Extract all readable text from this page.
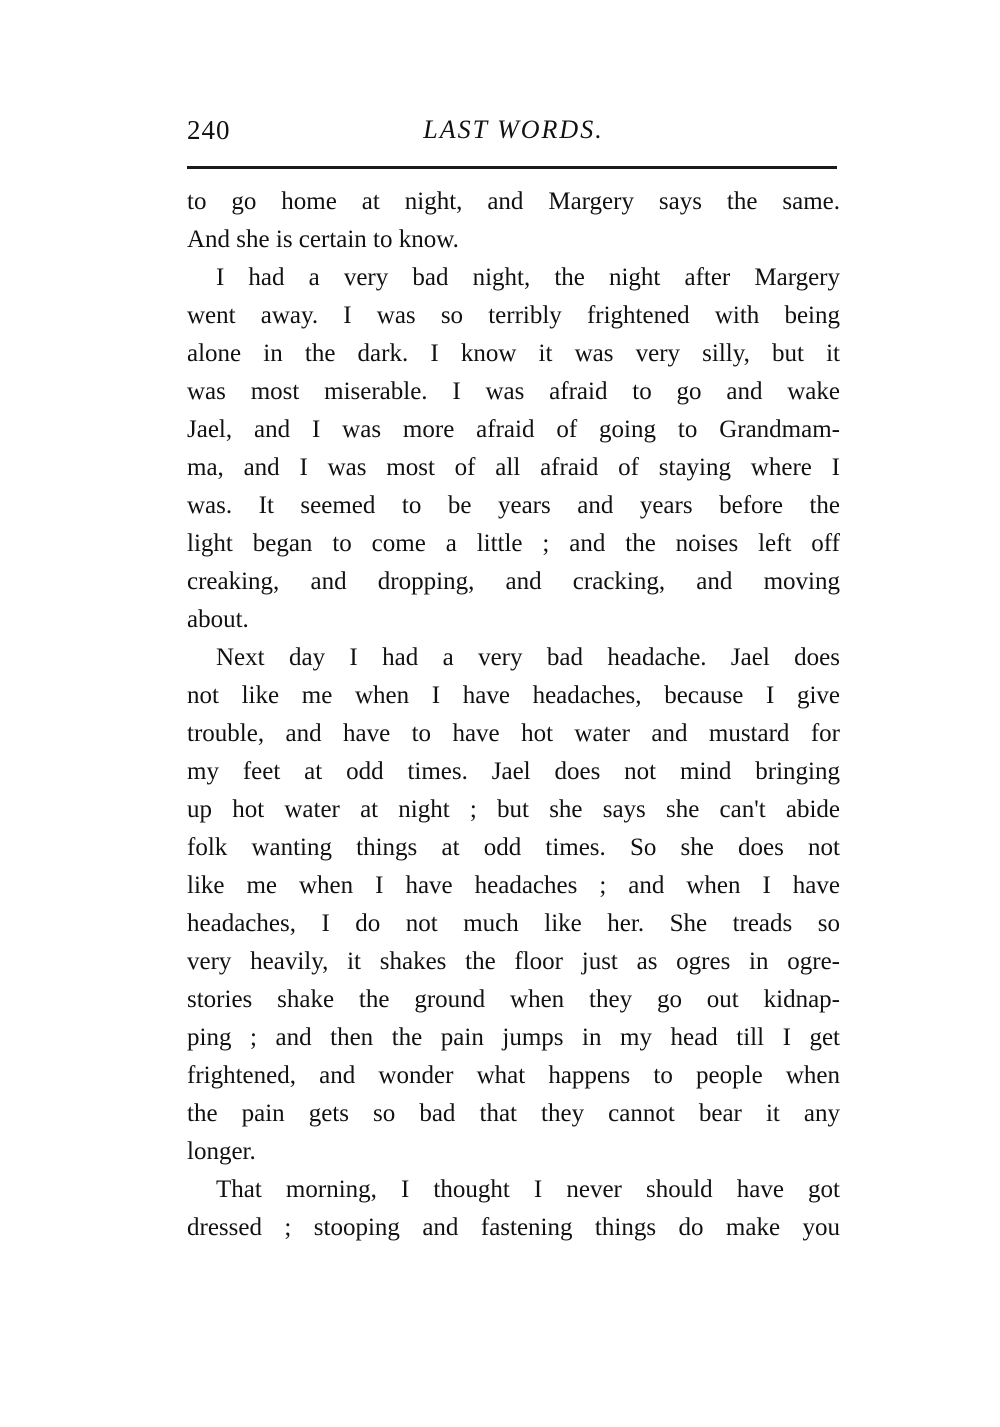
240	LAST WORDS.
to go home at night, and Margery says the same.
And she is certain to know.
I had a very bad night, the night after Margery
went away. I was so terribly frightened with being
alone in the dark. I know it was very silly, but it
was most miserable. I was afraid to go and wake
Jael, and I was more afraid of going to Grandmam-
ma, and I was most of all afraid of staying where I
was. It seemed to be years and years before the
light began to come a little ; and the noises left off
creaking, and dropping, and cracking, and moving
about.
Next day I had a very bad headache. Jael does
not like me when I have headaches, because I give
trouble, and have to have hot water and mustard for
my feet at odd times. Jael does not mind bringing
up hot water at night ; but she says she can't abide
folk wanting things at odd times. So she does not
like me when I have headaches ; and when I have
headaches, I do not much like her. She treads so
very heavily, it shakes the floor just as ogres in ogre-
stories shake the ground when they go out kidnap-
ping ; and then the pain jumps in my head till I get
frightened, and wonder what happens to people when
the pain gets so bad that they cannot bear it any
longer.
That morning, I thought I never should have got
dressed ; stooping and fastening things do make you
